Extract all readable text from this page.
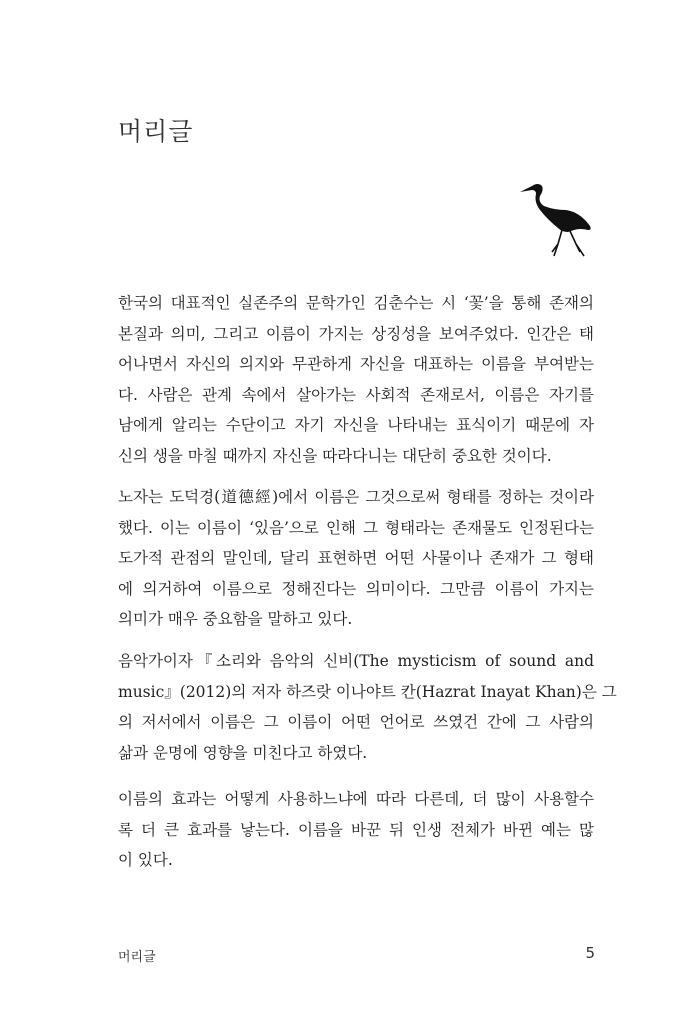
머리글
한국의 대표적인 실존주의 문학가인 김춘수는 시 ‘꽃’을 통해 존재의
본질과 의미, 그리고 이름이 가지는 상징성을 보여주었다. 인간은 태
어나면서 자신의 의지와 무관하게 자신을 대표하는 이름을 부여받는
다. 사람은 관계 속에서 살아가는 사회적 존재로서, 이름은 자기를
남에게 알리는 수단이고 자기 자신을 나타내는 표식이기 때문에 자
신의 생을 마칠 때까지 자신을 따라다니는 대단히 중요한 것이다.
노자는 도덕경(道德經)에서 이름은 그것으로써 형태를 정하는 것이라
했다. 이는 이름이 ‘있음’으로 인해 그 형태라는 존재물도 인정된다는
도가적 관점의 말인데, 달리 표현하면 어떤 사물이나 존재가 그 형태
에 의거하여 이름으로 정해진다는 의미이다. 그만큼 이름이 가지는
의미가 매우 중요함을 말하고 있다.
음악가이자『소리와 음악의 신비(The mysticism of sound and
music』(2012)의 저자 하즈랏 이나야트 칸(Hazrat Inayat Khan)은 그
의 저서에서 이름은 그 이름이 어떤 언어로 쓰였건 간에 그 사람의
삶과 운명에 영향을 미친다고 하였다.
이름의 효과는 어떻게 사용하느냐에 따라 다른데, 더 많이 사용할수
록 더 큰 효과를 낳는다. 이름을 바꾼 뒤 인생 전체가 바뀐 예는 많
이 있다.
머리글	5
